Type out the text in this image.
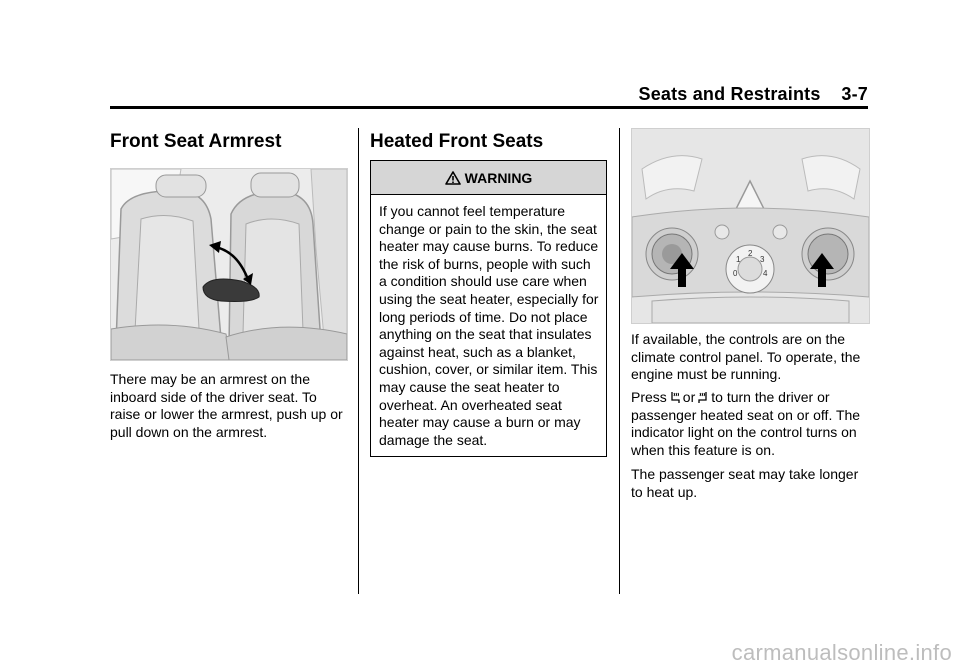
Seats and Restraints 3-7
Front Seat Armrest

There may be an armrest on the inboard side of the driver seat. To raise or lower the armrest, push up or pull down on the armrest.

Heated Front Seats
WARNING

If you cannot feel temperature change or pain to the skin, the seat heater may cause burns. To reduce the risk of burns, people with such a condition should use care when using the seat heater, especially for long periods of time. Do not place anything on the seat that insulates against heat, such as a blanket, cushion, cover, or similar item. This may cause the seat heater to overheat. An overheated seat heater may cause a burn or may damage the seat.

0
1
2
3
4

If available, the controls are on the climate control panel. To operate, the engine must be running.

Press or to turn the driver or passenger heated seat on or off. The indicator light on the control turns on when this feature is on.

The passenger seat may take longer to heat up.

carmanualsonline.info
